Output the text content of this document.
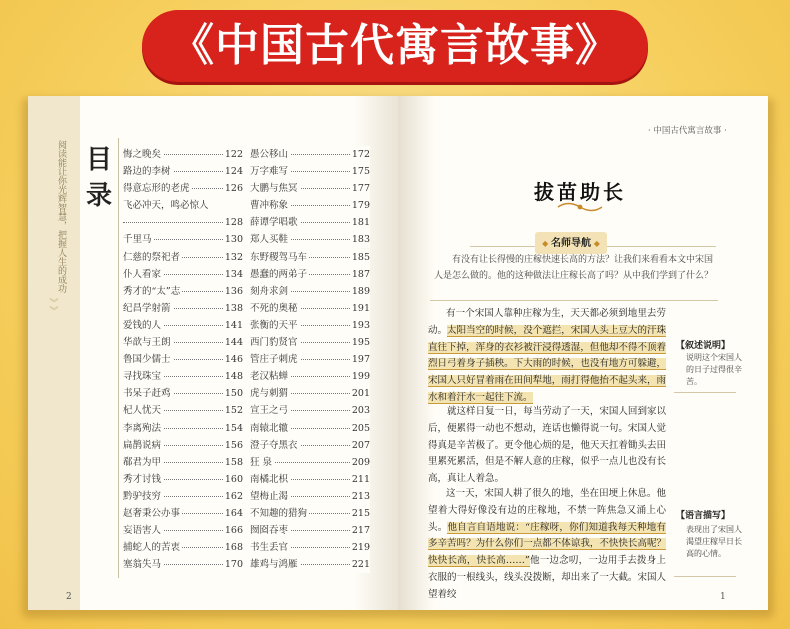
《中国古代寓言故事》
阅读能让你光辉智慧，把握人生的成功
︾
︾
目录
悔之晚矣	122
路边的李树	124
得意忘形的老虎	126
飞必冲天，鸣必惊人
128
千里马	130
仁慈的祭祀者	132
仆人看家	134
秀才的“太”志	136
纪昌学射箭	138
爱钱的人	141
华歆与王朗	144
鲁国少儒士	146
寻找珠宝	148
书呆子赶鸡	150
杞人忧天	152
李离殉法	154
扁鹊说病	156
郗君为甲	158
秀才讨钱	160
黔驴技穷	162
赵奢秉公办事	164
妄语害人	166
捕蛇人的苦衷	168
塞翁失马	170
愚公移山	172
万字难写	175
大鹏与焦冥	177
曹冲称象	179
薛谭学唱歌	181
郑人买鞋	183
东野稷驾马车	185
愚蠢的两弟子	187
刻舟求剑	189
不死的奥秘	191
张衡的天平	193
西门豹贤官	195
管庄子刺虎	197
老汉粘蝉	199
虎与刺猬	201
宣王之弓	203
南辕北辙	205
澄子夺黑衣	207
狂 泉	209
南橘北枳	211
望梅止渴	213
不知趣的猎狗	215
囫囵吞枣	217
书生丢官	219
雄鸡与鸿雁	221
2
· 中国古代寓言故事 ·
拔苗助长
◆ 名师导航 ◆
有没有让长得慢的庄稼快速长高的方法？让我们来看看本文中宋国人是怎么做的。他的这种做法让庄稼长高了吗？从中我们学到了什么？
有一个宋国人靠种庄稼为生，天天都必须到地里去劳动。太阳当空的时候，没个遮拦，宋国人头上豆大的汗珠直往下掉，浑身的衣衫被汗浸得透湿，但他却不得不顶着烈日弓着身子插秧。下大雨的时候，也没有地方可躲避，宋国人只好冒着雨在田间犁地，雨打得他抬不起头来，雨水和着汗水一起往下流。
就这样日复一日，每当劳动了一天，宋国人回到家以后，便累得一动也不想动，连话也懒得说一句。宋国人觉得真是辛苦极了。更令他心烦的是，他天天扛着锄头去田里累死累活，但是不解人意的庄稼，似乎一点儿也没有长高，真让人着急。
这一天，宋国人耕了很久的地，坐在田埂上休息。他望着大得好像没有边的庄稼地，不禁一阵焦急又涌上心头。他自言自语地说：“庄稼呀，你们知道我每天种地有多辛苦吗？为什么你们一点都不体谅我，不快快长高呢？快快长高，快长高……”他一边念叨，一边用手去拨身上衣服的一根线头，线头没拨断，却出来了一大截。宋国人望着绞
【叙述说明】
说明这个宋国人的日子过得很辛苦。
【语言描写】
表现出了宋国人渴望庄稼早日长高的心情。
1
